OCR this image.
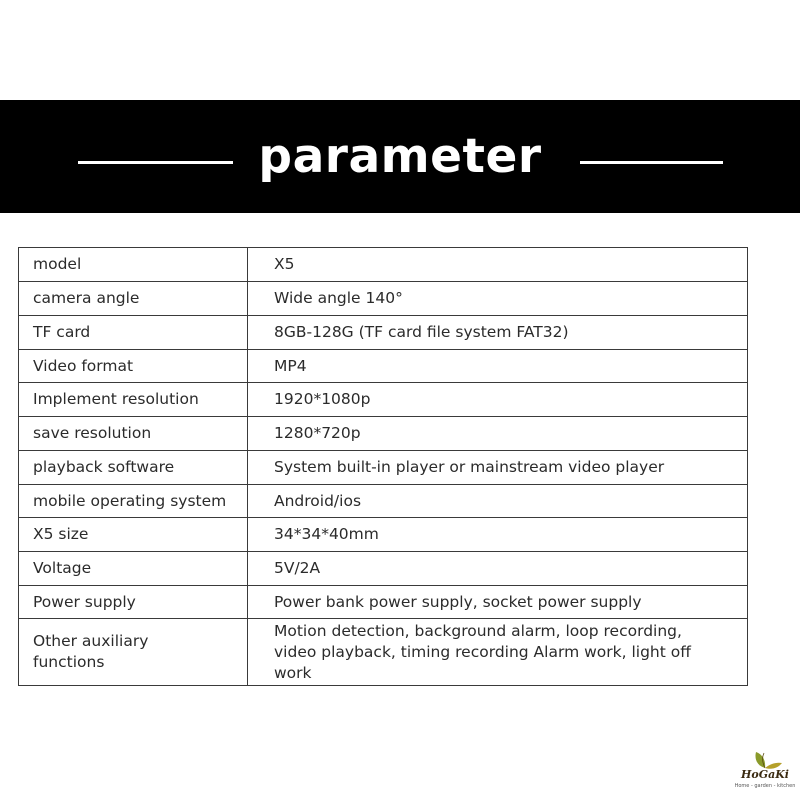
parameter
model	X5
camera angle	Wide angle 140°
TF card	8GB-128G (TF card file system FAT32)
Video format	MP4
Implement resolution	1920*1080p
save resolution	1280*720p
playback software	System built-in player or mainstream video player
mobile operating system	Android/ios
X5 size	34*34*40mm
Voltage	5V/2A
Power supply	Power bank power supply, socket power supply
Other auxiliary functions	Motion detection, background alarm, loop recording, video playback, timing recording Alarm work, light off work
HoGaKi
Home - garden - kitchen
